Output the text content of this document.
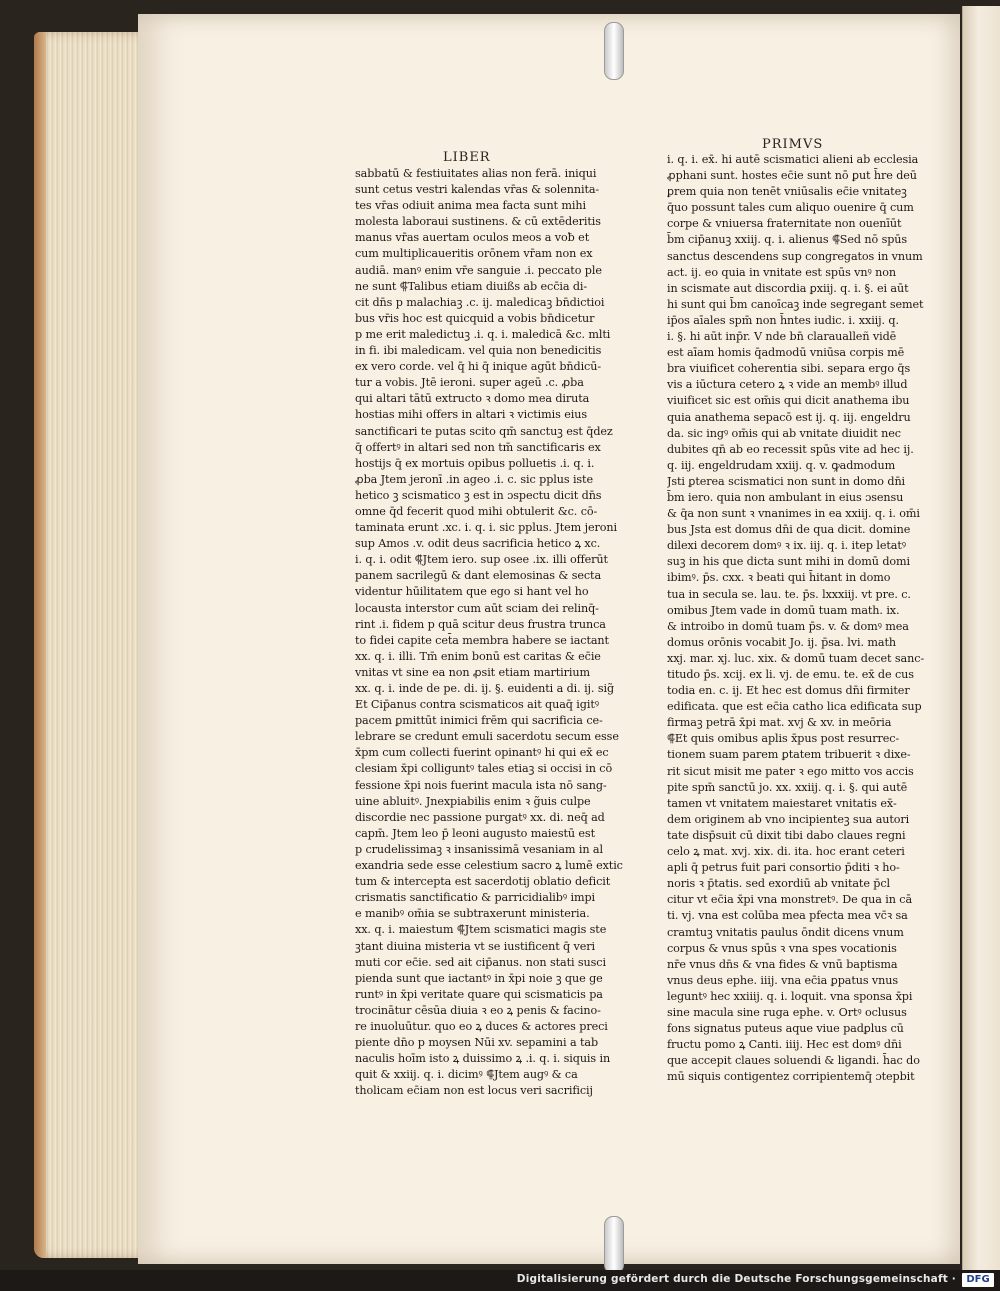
LIBER
PRIMVS
sabbatū & festiuitates alias non ferā. iniqui
sunt cetus vestri kalendas vr̄as & solennita-
tes vr̄as odiuit anima mea facta sunt mihi
molesta laboraui sustinens. & cū extēderitis
manus vr̄as auertam oculos meos a voƀ et
cum multiplicaueritis orōnem vr̄am non ex
audiā. manꝰ enim vr̄e sanguie .i. peccato ple
ne sunt ⸿Talibus etiam diuißs ab ecc̄ia di-
cit dn̄s p malachiaꝫ .c. ij. maledicaꝫ bn̄dictioi
bus vr̄is hoc est quicquid a vobis bn̄dicetur
p me erit maledictuꝫ .i. q. i. maledicā &c. mlti
in fi. ibi maledicam. vel quia non benedicitis
ex vero corde. vel q̄ hi q̄ inique agūt bn̄dicū-
tur a vobis. Jtē ieroni. super ageū .c. ꝓba
qui altari tātū extructo ꝛ domo mea diruta
hostias mihi offers in altari ꝛ victimis eius
sanctificari te putas scito qm̄ sanctuꝫ est q̄dez
q̄ offertꝰ in altari sed non tm̄ sanctificaris ex
hostijs q̄ ex mortuis opibus polluetis .i. q. i.
ꝓba Jtem jeronī .in ageo .i. c. sic pplus iste
hetico ꝫ scismatico ꝫ est in ɔspectu dicit dn̄s
omne q̄d fecerit quod mihi obtulerit &c. cō-
taminata erunt .xc. i. q. i. sic pplus. Jtem jeroni
sup Amos .v. odit deus sacrificia hetico ꝝ xc.
i. q. i. odit ⸿Jtem iero. sup osee .ix. illi offerūt
panem sacrilegū & dant elemosinas & secta
videntur hūilitatem que ego si hant vel ho
locausta interstor cum aūt sciam dei relinq̄-
rint .i. fidem p quā scitur deus frustra trunca
to fidei capite cet̄a membra habere se iactant
xx. q. i. illi. Tm̄ enim bonū est caritas & ec̄ie
vnitas vt sine ea non ꝓsit etiam martirium
xx. q. i. inde de pe. di. ij. §. euidenti a di. ij. sig̃
Et Cip̄anus contra scismaticos ait quaq̄ igitꝰ
pacem ꝑmittūt inimici frēm qui sacrificia ce-
lebrare se credunt emuli sacerdotu secum esse
x̄pm cum collecti fuerint opinantꝰ hi qui ex̄ ec
clesiam x̄pi colliguntꝰ tales etiaꝫ si occisi in cō
fessione x̄pi nois fuerint macula ista nō sang-
uine abluitꝰ. Jnexpiabilis enim ꝛ g̃uis culpe
discordie nec passione purgatꝰ xx. di. neq̄ ad
capm̄. Jtem leo p̄ leoni augusto maiestū est
p crudelissimaꝫ ꝛ insanissimā vesaniam in al
exandria sede esse celestium sacro ꝝ lumē extic
tum & intercepta est sacerdotij oblatio deficit
crismatis sanctificatio & parricidialibꝰ impi
e manibꝰ om̄ia se subtraxerunt ministeria.
xx. q. i. maiestum ⸿Jtem scismatici magis ste
ꝫtant diuina misteria vt se iustificent q̄ veri
muti cor ec̄ie. sed ait cip̄anus. non stati susci
pienda sunt que iactantꝰ in x̄pi noie ꝫ que ge
runtꝰ in x̄pi veritate quare qui scismaticis pa
trocinātur cēsūa diuia ꝛ eo ꝝ penis & facino-
re inuoluūtur. quo eo ꝝ duces & actores preci
piente dn̄o p moysen Nūi xv. sepamini a tab
naculis hoīm isto ꝝ duissimo ꝝ .i. q. i. siquis in
quit & xxiij. q. i. dicimꝰ ⸿Jtem augꝰ & ca
tholicam ec̄iam non est locus veri sacrificij
i. q. i. ex̄. hi autē scismatici alieni ab ecclesia
ꝓphani sunt. hostes ec̄ie sunt nō ꝑut h̄re deū
ꝑrem quia non tenēt vniūsalis ec̄ie vnitateꝫ
q̄uo possunt tales cum aliquo ouenire q̄ cum
corpe & vniuersa fraternitate non ouenīūt
b̄m cip̄anuꝫ xxiij. q. i. alienus ⸿Sed nō spūs
sanctus descendens sup congregatos in vnum
act. ij. eo quia in vnitate est spūs vnꝰ non
in scismate aut discordia ꝑxiij. q. i. §. ei aūt
hi sunt qui b̄m canoīcaꝫ inde segregant semet
ip̄os aīales spm̄ non h̄ntes iudic. i. xxiij. q.
i. §. hi aūt inp̄r. V nde bn̄ claraualleñ vidē
est aīam homis q̄admodū vniūsa corpis mē
bra viuificet coherentia sibi. separa ergo q̄s
vis a iūctura cetero ꝝ ꝛ vide an membꝰ illud
viuificet sic est om̄is qui dicit anathema ibu
quia anathema sepacō est ij. q. iij. engeldru
da. sic ingꝰ om̄is qui ab vnitate diuidit nec
dubites qn̄ ab eo recessit spūs vite ad hec ij.
q. iij. engeldrudam xxiij. q. v. ꝙadmodum
Jsti ꝑterea scismatici non sunt in domo dn̄i
b̄m iero. quia non ambulant in eius ɔsensu
& q̄a non sunt ꝛ vnanimes in ea xxiij. q. i. om̄i
bus Jsta est domus dn̄i de qua dicit. domine
dilexi decorem domꝰ ꝛ ix. iij. q. i. itep letatꝰ
suꝫ in his que dicta sunt mihi in domū domi
ibimꝰ. p̄s. cxx. ꝛ beati qui h̄itant in domo
tua in secula se. lau. te. p̄s. lxxxiij. vt pre. c.
omibus Jtem vade in domū tuam math. ix.
& introibo in domū tuam p̄s. v. & domꝰ mea
domus orōnis vocabit Jo. ij. p̄sa. lvi. math
xxj. mar. xj. luc. xix. & domū tuam decet sanc-
titudo p̄s. xcij. ex li. vj. de emu. te. ex̄ de cus
todia en. c. ij. Et hec est domus dn̄i firmiter
edificata. que est ec̄ia catho lica edificata sup
firmaꝫ petrā x̄pi mat. xvj & xv. in meōria
⸿Et quis omibus aplis x̄pus post resurrec-
tionem suam parem ꝑtatem tribuerit ꝛ dixe-
rit sicut misit me pater ꝛ ego mitto vos accis
pite spm̄ sanctū jo. xx. xxiij. q. i. §. qui autē
tamen vt vnitatem maiestaret vnitatis ex̄-
dem originem ab vno incipienteꝫ sua autori
tate disp̄suit cū dixit tibi dabo claues regni
celo ꝝ mat. xvj. xix. di. ita. hoc erant ceteri
apli q̄ petrus fuit pari consortio p̄diti ꝛ ho-
noris ꝛ p̄tatis. sed exordiū ab vnitate p̄cl
citur vt ec̄ia x̄pi vna monstretꝰ. De qua in cā
ti. vj. vna est colūba mea pfecta mea vc̄ꝛ sa
cramtuꝫ vnitatis paulus ōndit dicens vnum
corpus & vnus spūs ꝛ vna spes vocationis
nr̄e vnus dn̄s & vna fides & vnū baptisma
vnus deus ephe. iiij. vna ec̄ia ꝑpatus vnus
leguntꝰ hec xxiiij. q. i. loquit. vna sponsa x̄pi
sine macula sine ruga ephe. v. Ortꝰ oclusus
fons signatus puteus aque viue padꝑlus cū
fructu pomo ꝝ Canti. iiij. Hec est domꝰ dn̄i
que accepit claues soluendi & ligandi. h̄ac do
mū siquis contigentez corripientemq̄ ɔtepbit
Digitalisierung gefördert durch die Deutsche Forschungsgemeinschaft ·	DFG
